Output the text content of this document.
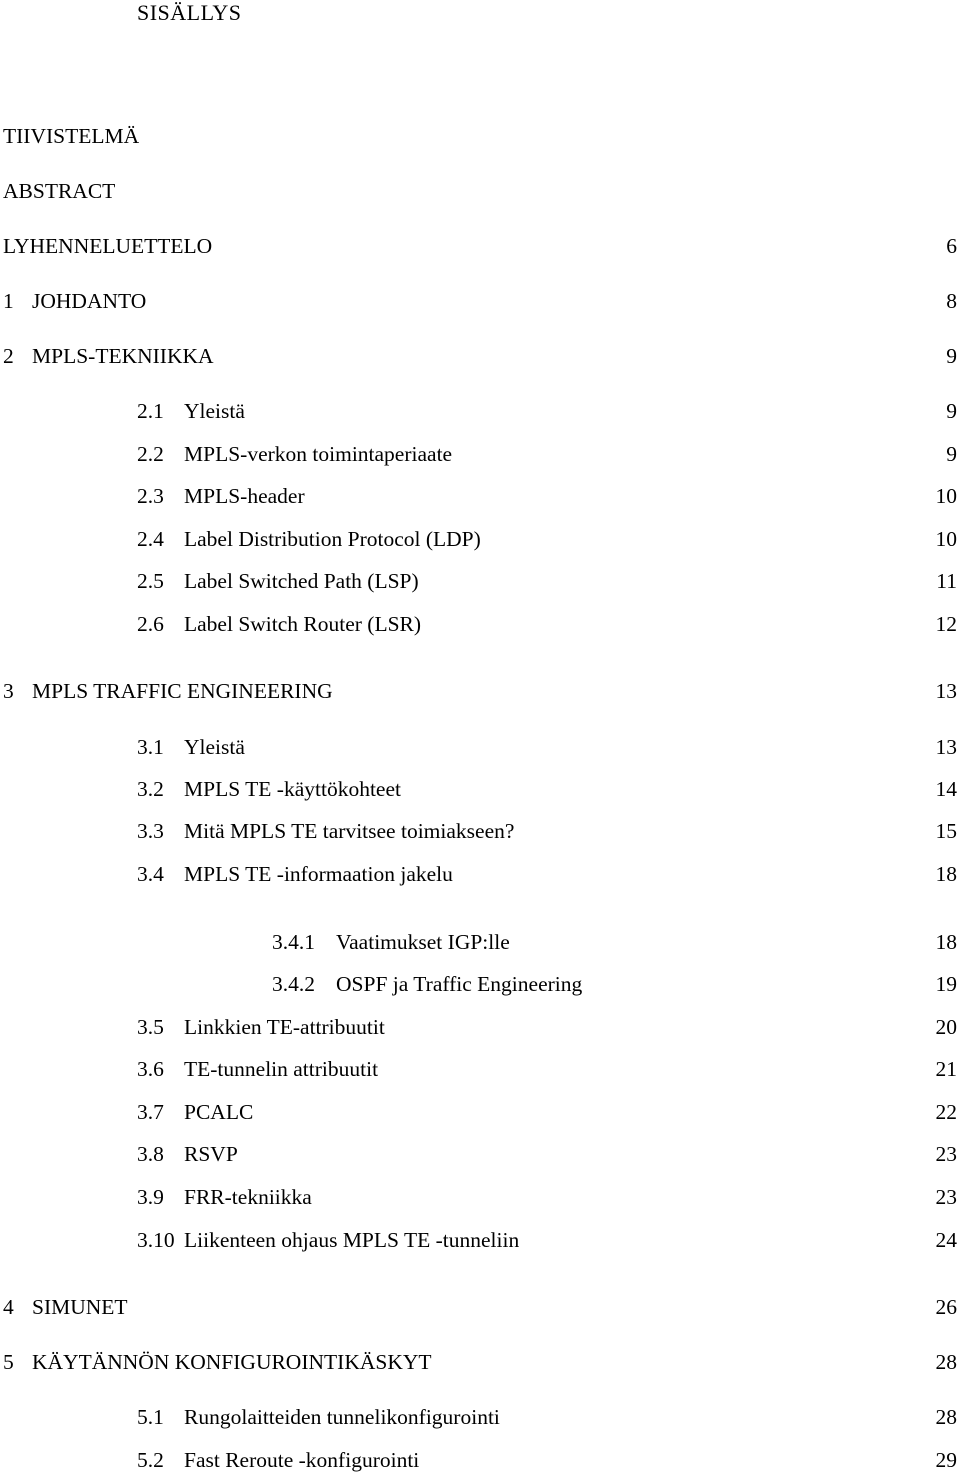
SISÄLLYS
TIIVISTELMÄ
ABSTRACT
LYHENNELUETTELO	6
1 JOHDANTO	8
2 MPLS-TEKNIIKKA	9
2.1 Yleistä	9
2.2 MPLS-verkon toimintaperiaate	9
2.3 MPLS-header	10
2.4 Label Distribution Protocol (LDP)	10
2.5 Label Switched Path (LSP)	11
2.6 Label Switch Router (LSR)	12
3 MPLS TRAFFIC ENGINEERING	13
3.1 Yleistä	13
3.2 MPLS TE -käyttökohteet	14
3.3 Mitä MPLS TE tarvitsee toimiakseen?	15
3.4 MPLS TE -informaation jakelu	18
3.4.1 Vaatimukset IGP:lle	18
3.4.2 OSPF ja Traffic Engineering	19
3.5 Linkkien TE-attribuutit	20
3.6 TE-tunnelin attribuutit	21
3.7 PCALC	22
3.8 RSVP	23
3.9 FRR-tekniikka	23
3.10 Liikenteen ohjaus MPLS TE -tunneliin	24
4 SIMUNET	26
5 KÄYTÄNNÖN KONFIGUROINTIKÄSKYT	28
5.1 Rungolaitteiden tunnelikonfigurointi	28
5.2 Fast Reroute -konfigurointi	29
